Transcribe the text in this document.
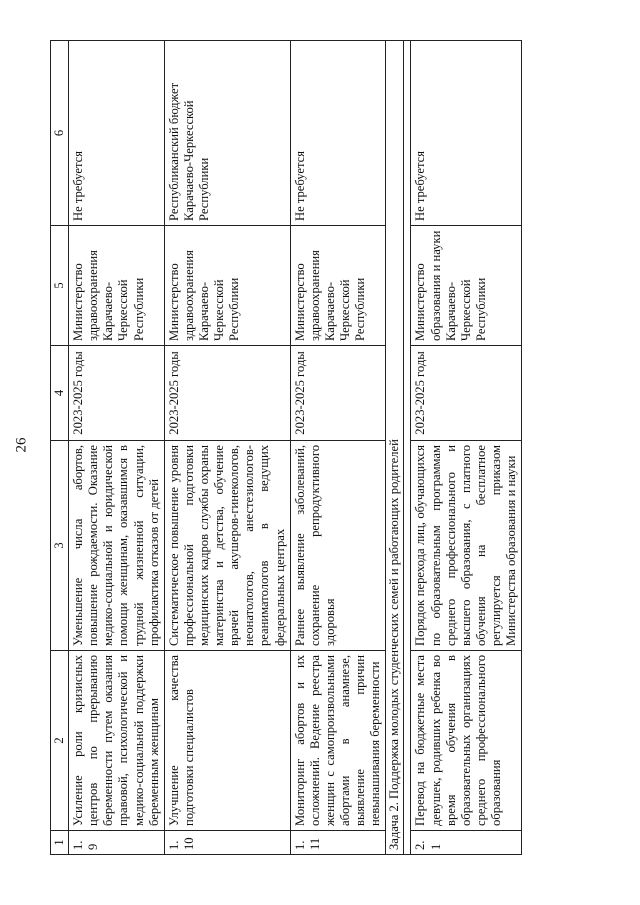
26
1	2	3	4	5	6
1.9	Усиление роли кризисных центров по прерыванию беременности путем оказания правовой, психологической и медико-социальной поддержки беременным женщинам	Уменьшение числа абортов, повышение рождаемости. Оказание медико-социальной и юридической помощи женщинам, оказавшимся в трудной жизненной ситуации, профилактика отказов от детей	2023-2025 годы	Министерство здравоохранения Карачаево-Черкесской Республики	Не требуется
1.10	Улучшение качества подготовки специалистов	Систематическое повышение уровня профессиональной подготовки медицинских кадров службы охраны материнства и детства, обучение врачей акушеров-гинекологов, неонатологов, анестезиологов-реаниматологов в ведущих федеральных центрах	2023-2025 годы	Министерство здравоохранения Карачаево-Черкесской Республики	Республиканский бюджет Карачаево-Черкесской Республики
1.11	Мониторинг абортов и их осложнений. Ведение реестра женщин с самопроизвольными абортами в анамнезе, выявление причин невынашивания беременности	Раннее выявление заболеваний, сохранение репродуктивного здоровья	2023-2025 годы	Министерство здравоохранения Карачаево-Черкесской Республики	Не требуется
Задача 2. Поддержка молодых студенческих семей и работающих родителей					

2.1	Перевод на бюджетные места девушек, родивших ребенка во время обучения в образовательных организациях среднего профессионального образования	Порядок перехода лиц, обучающихся по образовательным программам среднего профессионального и высшего образования, с платного обучения на бесплатное регулируется приказом Министерства образования и науки	2023-2025 годы	Министерство образования и науки Карачаево-Черкесской Республики	Не требуется
